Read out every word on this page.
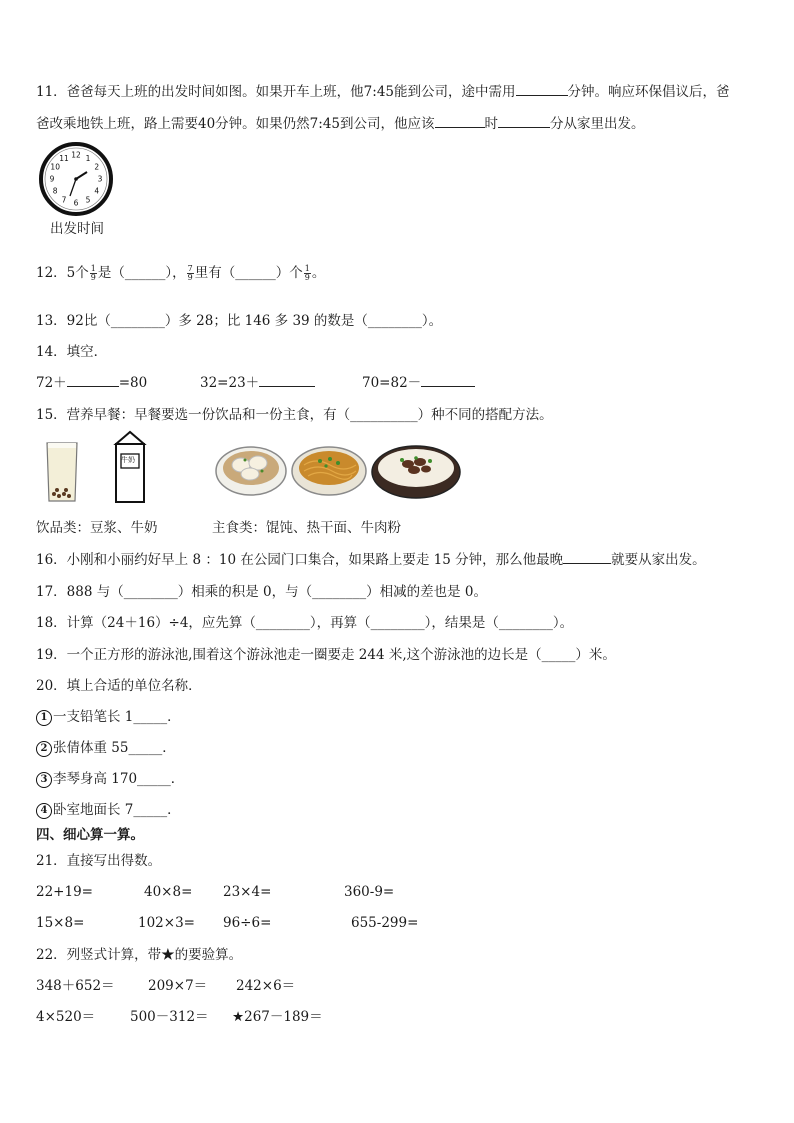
11．爸爸每天上班的出发时间如图。如果开车上班，他7:45能到公司，途中需用	分钟。响应环保倡议后，爸
爸改乘地铁上班，路上需要40分钟。如果仍然7:45到公司，他应该	时	分从家里出发。
12 1
2
3
4
5
6
7
8
9
10
11
出发时间
12．5个 $\frac{1}{9}$ 是（______）， $\frac{7}{9}$ 里有（______）个 $\frac{1}{9}$ 。
13．92比（________）多 28；比 146 多 39 的数是（________）。
14．填空．
72＋	=80	32=23＋	70=82－
15．营养早餐：早餐要选一份饮品和一份主食，有（__________）种不同的搭配方法。
牛奶
饮品类：豆浆、牛奶	主食类：馄饨、热干面、牛肉粉
16．小刚和小丽约好早上 8 ：10 在公园门口集合，如果路上要走 15 分钟，那么他最晚	就要从家出发。
17．888 与（________）相乘的积是 0，与（________）相减的差也是 0。
18．计算（24＋16）÷4，应先算（________），再算（________），结果是（________）。
19．一个正方形的游泳池,围着这个游泳池走一圈要走 244 米,这个游泳池的边长是（_____）米。
20．填上合适的单位名称．
1 一支铅笔长 1_____．
2 张倩体重 55_____．
3 李琴身高 170_____．
4 卧室地面长 7_____．
四、细心算一算。
21．直接写出得数。
22+19=	40×8= 23×4=	360-9=
15×8=	102×3= 96÷6=	655-299=
22．列竖式计算，带★的要验算。
348＋652＝ 209×7＝ 242×6＝
4×520＝	500－312＝ ★267－189＝
